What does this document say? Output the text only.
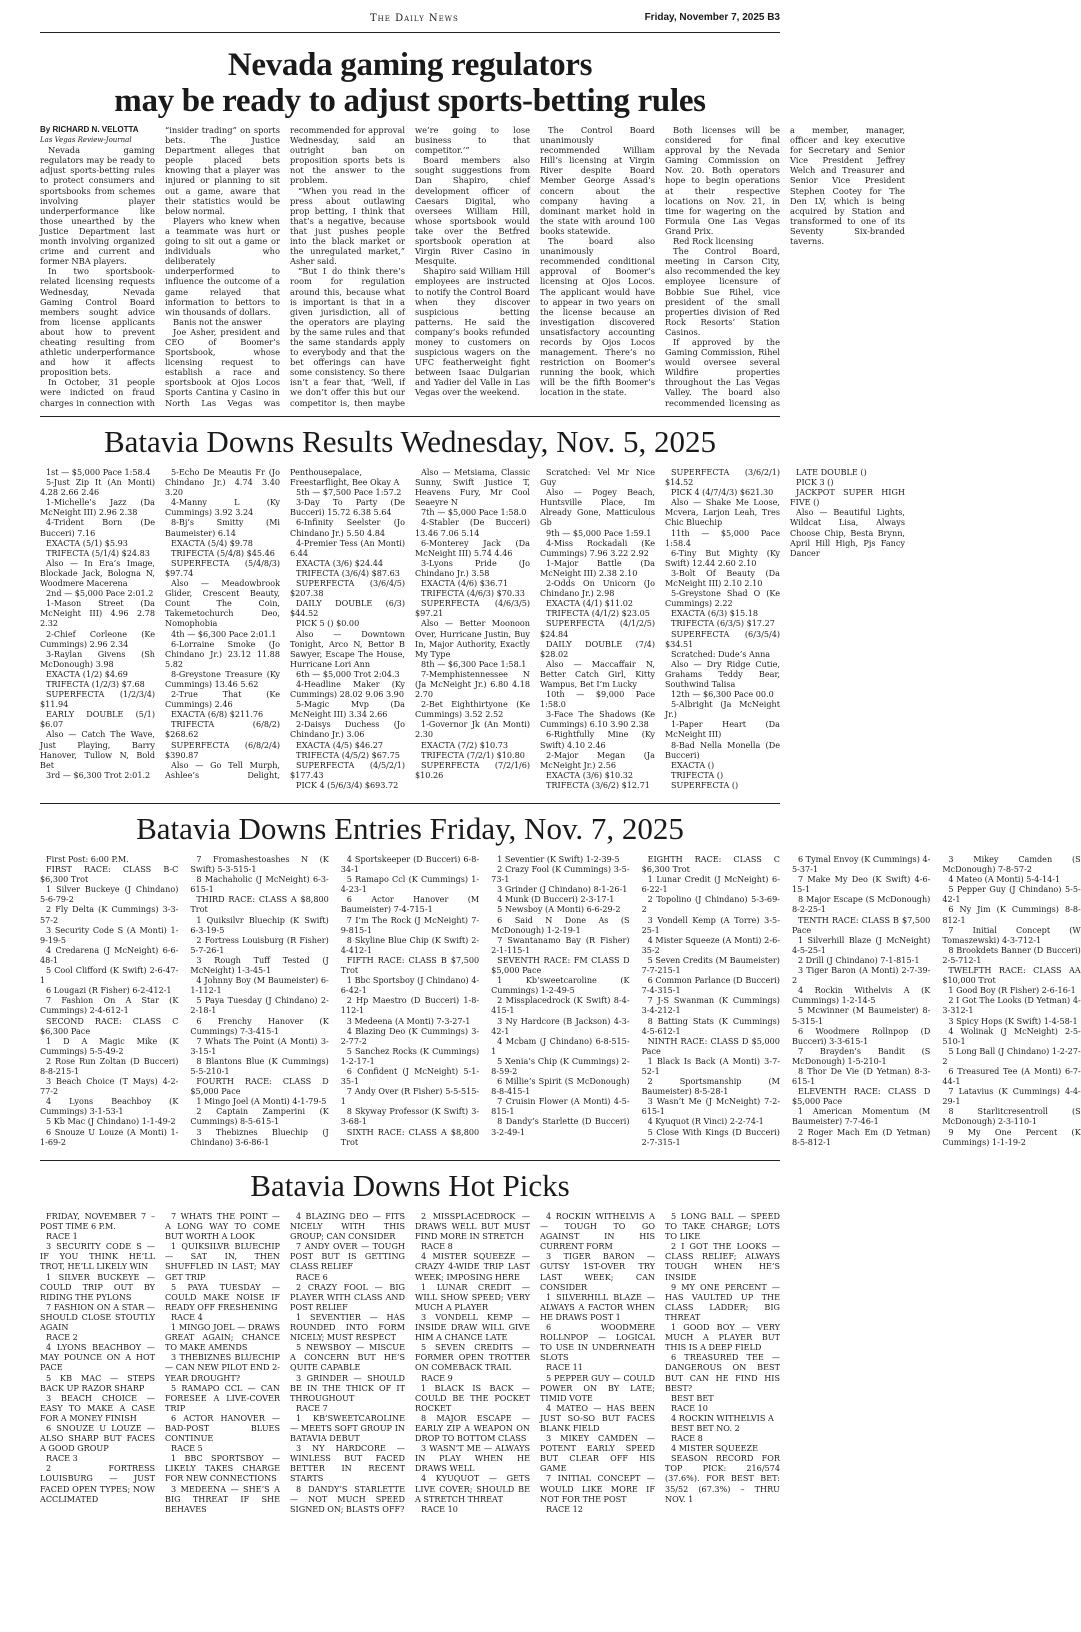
The Daily News	Friday, November 7, 2025 B3
Nevada gaming regulators
may be ready to adjust sports-betting rules

By RICHARD N. VELOTTA

Las Vegas Review-Journal

Nevada gaming regulators may be ready to adjust sports-betting rules to protect consumers and sportsbooks from schemes involving player underperformance like those unearthed by the Justice Department last month involving organized crime and current and former NBA players.

In two sportsbook-related licensing requests Wednesday, Nevada Gaming Control Board members sought advice from license applicants about how to prevent cheating resulting from athletic underperformance and how it affects proposition bets.

In October, 31 people were indicted on fraud charges in connection with “insider trading” on sports bets. The Justice Department alleges that people placed bets knowing that a player was injured or planning to sit out a game, aware that their statistics would be below normal.

Players who knew when a teammate was hurt or going to sit out a game or individuals who deliberately underperformed to influence the outcome of a game relayed that information to bettors to win thousands of dollars.

Banis not the answer

Joe Asher, president and CEO of Boomer’s Sportsbook, whose licensing request to establish a race and sportsbook at Ojos Locos Sports Cantina y Casino in North Las Vegas was recommended for approval Wednesday, said an outright ban on proposition sports bets is not the answer to the problem.

“When you read in the press about outlawing prop betting, I think that that’s a negative, because that just pushes people into the black market or the unregulated market,” Asher said.

“But I do think there’s room for regulation around this, because what is important is that in a given jurisdiction, all of the operators are playing by the same rules and that the same standards apply to everybody and that the bet offerings can have some consistency. So there isn’t a fear that, ‘Well, if we don’t offer this but our competitor is, then maybe we’re going to lose business to that competitor.’”

Board members also sought suggestions from Dan Shapiro, chief development officer of Caesars Digital, who oversees William Hill, whose sportsbook would take over the Betfred sportsbook operation at Virgin River Casino in Mesquite.

Shapiro said William Hill employees are instructed to notify the Control Board when they discover suspicious betting patterns. He said the company’s books refunded money to customers on suspicious wagers on the UFC featherweight fight between Isaac Dulgarian and Yadier del Valle in Las Vegas over the weekend.

The Control Board unanimously recommended William Hill’s licensing at Virgin River despite Board Member George Assad’s concern about the company having a dominant market hold in the state with around 100 books statewide.

The board also unanimously recommended conditional approval of Boomer’s licensing at Ojos Locos. The applicant would have to appear in two years on the license because an investigation discovered unsatisfactory accounting records by Ojos Locos management. There’s no restriction on Boomer’s running the book, which will be the fifth Boomer’s location in the state.

Both licenses will be considered for final approval by the Nevada Gaming Commission on Nov. 20. Both operators hope to begin operations at their respective locations on Nov. 21, in time for wagering on the Formula One Las Vegas Grand Prix.

Red Rock licensing

The Control Board, meeting in Carson City, also recommended the key employee licensure of Bobbie Sue Rihel, vice president of the small properties division of Red Rock Resorts’ Station Casinos.

If approved by the Gaming Commission, Rihel would oversee several Wildfire properties throughout the Las Vegas Valley. The board also recommended licensing as a member, manager, officer and key executive for Secretary and Senior Vice President Jeffrey Welch and Treasurer and Senior Vice President Stephen Cootey for The Den LV, which is being acquired by Station and transformed to one of its Seventy Six-branded taverns.

Batavia Downs Results Wednesday, Nov. 5, 2025

1st — $5,000 Pace 1:58.4

5-Just Zip It (An Monti) 4.28 2.66 2.46

1-Michelle’s Jazz (Da McNeight III) 2.96 2.38

4-Trident Born (De Bucceri) 7.16

EXACTA (5/1) $5.93

TRIFECTA (5/1/4) $24.83

Also — In Era’s Image, Blockade Jack, Bologna N, Woodmere Macerena

2nd — $5,000 Pace 2:01.2

1-Mason Street (Da McNeight III) 4.96 2.78 2.32

2-Chief Corleone (Ke Cummings) 2.96 2.34

3-Raylan Givens (Sh McDonough) 3.98

EXACTA (1/2) $4.69

TRIFECTA (1/2/3) $7.68

SUPERFECTA (1/2/3/4) $11.94

EARLY DOUBLE (5/1) $6.07

Also — Catch The Wave, Just Playing, Barry Hanover, Tullow N, Bold Bet

3rd — $6,300 Trot 2:01.2

5-Echo De Meautis Fr (Jo Chindano Jr.) 4.74 3.40 3.20

4-Manny L (Ky Cummings) 3.92 3.24

8-Bj’s Smitty (Mi Baumeister) 6.14

EXACTA (5/4) $9.78

TRIFECTA (5/4/8) $45.46

SUPERFECTA (5/4/8/3) $97.74

Also — Meadowbrook Glider, Crescent Beauty, Count The Coin, Takemetochurch Deo, Nomophobia

4th — $6,300 Pace 2:01.1

6-Lorraine Smoke (Jo Chindano Jr.) 23.12 11.88 5.82

8-Greystone Treasure (Ky Cummings) 13.46 5.62

2-True That (Ke Cummings) 2.46

EXACTA (6/8) $211.76

TRIFECTA (6/8/2) $268.62

SUPERFECTA (6/8/2/4) $390.87

Also — Go Tell Murph, Ashlee’s Delight, Penthousepalace, Freestarflight, Bee Okay A

5th — $7,500 Pace 1:57.2

3-Day To Party (De Bucceri) 15.72 6.38 5.64

6-Infinity Seelster (Jo Chindano Jr.) 5.50 4.84

4-Premier Tess (An Monti) 6.44

EXACTA (3/6) $24.44

TRIFECTA (3/6/4) $87.63

SUPERFECTA (3/6/4/5) $207.38

DAILY DOUBLE (6/3) $44.52

PICK 5 () $0.00

Also — Downtown Tonight, Arco N, Bettor B Sawyer, Escape The House, Hurricane Lori Ann

6th — $5,000 Trot 2:04.3

4-Headline Maker (Ky Cummings) 28.02 9.06 3.90

5-Magic Mvp (Da McNeight III) 3.34 2.66

2-Daisys Duchess (Jo Chindano Jr.) 3.06

EXACTA (4/5) $46.27

TRIFECTA (4/5/2) $67.75

SUPERFECTA (4/5/2/1) $177.43

PICK 4 (5/6/3/4) $693.72

Also — Metsiama, Classic Sunny, Swift Justice T, Heavens Fury, Mr Cool Seaeyre N

7th — $5,000 Pace 1:58.0

4-Stabler (De Bucceri) 13.46 7.06 5.14

6-Monterey Jack (Da McNeight III) 5.74 4.46

3-Lyons Pride (Jo Chindano Jr.) 3.58

EXACTA (4/6) $36.71

TRIFECTA (4/6/3) $70.33

SUPERFECTA (4/6/3/5) $97.21

Also — Better Moonoon Over, Hurricane Justin, Buy In, Major Authority, Exactly My Type

8th — $6,300 Pace 1:58.1

7-Memphistennessee N (Ja McNeight Jr.) 6.80 4.18 2.70

2-Bet Eighthirtyone (Ke Cummings) 3.52 2.52

1-Governor Jk (An Monti) 2.30

EXACTA (7/2) $10.73

TRIFECTA (7/2/1) $10.80

SUPERFECTA (7/2/1/6) $10.26

Scratched: Vel Mr Nice Guy

Also — Pogey Beach, Huntsville Place, Im Already Gone, Matticulous Gb

9th — $5,000 Pace 1:59.1

4-Miss Rockadali (Ke Cummings) 7.96 3.22 2.92

1-Major Battle (Da McNeight III) 2.38 2.10

2-Odds On Unicorn (Jo Chindano Jr.) 2.98

EXACTA (4/1) $11.02

TRIFECTA (4/1/2) $23.05

SUPERFECTA (4/1/2/5) $24.84

DAILY DOUBLE (7/4) $28.02

Also — Maccaffair N, Better Catch Girl, Kitty Wampus, Bet I’m Lucky

10th — $9,000 Pace 1:58.0

3-Face The Shadows (Ke Cummings) 6.10 3.90 2.38

6-Rightfully Mine (Ky Swift) 4.10 2.46

2-Major Megan (Ja McNeight Jr.) 2.56

EXACTA (3/6) $10.32

TRIFECTA (3/6/2) $12.71

SUPERFECTA (3/6/2/1) $14.52

PICK 4 (4/7/4/3) $621.30

Also — Shake Me Loose, Mcvera, Larjon Leah, Tres Chic Bluechip

11th — $5,000 Pace 1:58.4

6-Tiny But Mighty (Ky Swift) 12.44 2.60 2.10

3-Bolt Of Beauty (Da McNeight III) 2.10 2.10

5-Greystone Shad O (Ke Cummings) 2.22

EXACTA (6/3) $15.18

TRIFECTA (6/3/5) $17.27

SUPERFECTA (6/3/5/4) $34.51

Scratched: Dude’s Anna

Also — Dry Ridge Cutie, Grahams Teddy Bear, Southwind Talisa

12th — $6,300 Pace 00.0

5-Albright (Ja McNeight Jr.)

1-Paper Heart (Da McNeight III)

8-Bad Nella Monella (De Bucceri)

EXACTA ()

TRIFECTA ()

SUPERFECTA ()

LATE DOUBLE ()

PICK 3 ()

JACKPOT SUPER HIGH FIVE ()

Also — Beautiful Lights, Wildcat Lisa, Always Choose Chip, Besta Brynn, April Hill High, Pjs Fancy Dancer

Batavia Downs Entries Friday, Nov. 7, 2025

First Post: 6:00 P.M.

FIRST RACE: CLASS B-C $6,300 Trot

1 Silver Buckeye (J Chindano) 5-6-79-2

2 Fly Delta (K Cummings) 3-3-57-2

3 Security Code S (A Monti) 1-9-19-5

4 Credarena (J McNeight) 6-6-48-1

5 Cool Clifford (K Swift) 2-6-47-1

6 Lougazi (R Fisher) 6-2-412-1

7 Fashion On A Star (K Cummings) 2-4-612-1

SECOND RACE: CLASS C $6,300 Pace

1 D A Magic Mike (K Cummings) 5-5-49-2

2 Rose Run Zoltan (D Bucceri) 8-8-215-1

3 Beach Choice (T Mays) 4-2-77-2

4 Lyons Beachboy (K Cummings) 3-1-53-1

5 Kb Mac (J Chindano) 1-1-49-2

6 Snouze U Louze (A Monti) 1-1-69-2

7 Fromashestoashes N (K Swift) 5-3-515-1

8 Machaholic (J McNeight) 6-3-615-1

THIRD RACE: CLASS A $8,800 Trot

1 Quiksilvr Bluechip (K Swift) 6-3-19-5

2 Fortress Louisburg (R Fisher) 5-7-26-1

3 Rough Tuff Tested (J McNeight) 1-3-45-1

4 Johnny Boy (M Baumeister) 6-1-112-1

5 Paya Tuesday (J Chindano) 2-2-18-1

6 Frenchy Hanover (K Cummings) 7-3-415-1

7 Whats The Point (A Monti) 3-3-15-1

8 Blantons Blue (K Cummings) 5-5-210-1

FOURTH RACE: CLASS D $5,000 Pace

1 Mingo Joel (A Monti) 4-1-79-5

2 Captain Zamperini (K Cummings) 8-5-615-1

3 Thebiznes Bluechip (J Chindano) 3-6-86-1

4 Sportskeeper (D Bucceri) 6-8-34-1

5 Ramapo Ccl (K Cummings) 1-4-23-1

6 Actor Hanover (M Baumeister) 7-4-715-1

7 I’m The Rock (J McNeight) 7-9-815-1

8 Skyline Blue Chip (K Swift) 2-4-412-1

FIFTH RACE: CLASS B $7,500 Trot

1 Bbc Sportsboy (J Chindano) 4-6-42-1

2 Hp Maestro (D Bucceri) 1-8-112-1

3 Medeena (A Monti) 7-3-27-1

4 Blazing Deo (K Cummings) 3-2-77-2

5 Sanchez Rocks (K Cummings) 1-2-17-1

6 Confident (J McNeight) 5-1-35-1

7 Andy Over (R Fisher) 5-5-515-1

8 Skyway Professor (K Swift) 3-3-68-1

SIXTH RACE: CLASS A $8,800 Trot

1 Seventier (K Swift) 1-2-39-5

2 Crazy Fool (K Cummings) 3-5-73-1

3 Grinder (J Chindano) 8-1-26-1

4 Munk (D Bucceri) 2-3-17-1

5 Newsboy (A Monti) 6-6-29-2

6 Said N Done As (S McDonough) 1-2-19-1

7 Swantanamo Bay (R Fisher) 2-1-115-1

SEVENTH RACE: FM CLASS D $5,000 Pace

1 Kb’sweetcaroline (K Cummings) 1-2-49-5

2 Missplacedrock (K Swift) 8-4-415-1

3 Ny Hardcore (B Jackson) 4-3-42-1

4 Mcbam (J Chindano) 6-8-515-1

5 Xenia’s Chip (K Cummings) 2-8-59-2

6 Millie’s Spirit (S McDonough) 8-8-415-1

7 Cruisin Flower (A Monti) 4-5-815-1

8 Dandy’s Starlette (D Bucceri) 3-2-49-1

EIGHTH RACE: CLASS C $6,300 Trot

1 Lunar Credit (J McNeight) 6-6-22-1

2 Topolino (J Chindano) 5-3-69-2

3 Vondell Kemp (A Torre) 3-5-25-1

4 Mister Squeeze (A Monti) 2-6-35-2

5 Seven Credits (M Baumeister) 7-7-215-1

6 Common Parlance (D Bucceri) 7-4-315-1

7 J-S Swanman (K Cummings) 3-4-212-1

8 Batting Stats (K Cummings) 4-5-612-1

NINTH RACE: CLASS D $5,000 Pace

1 Black Is Back (A Monti) 3-7-52-1

2 Sportsmanship (M Baumeister) 8-5-28-1

3 Wasn’t Me (J McNeight) 7-2-615-1

4 Kyuquot (R Vinci) 2-2-74-1

5 Close With Kings (D Bucceri) 2-7-315-1

6 Tymal Envoy (K Cummings) 4-5-37-1

7 Make My Deo (K Swift) 4-6-15-1

8 Major Escape (S McDonough) 8-2-25-1

TENTH RACE: CLASS B $7,500 Pace

1 Silverhill Blaze (J McNeight) 4-5-25-1

2 Drill (J Chindano) 7-1-815-1

3 Tiger Baron (A Monti) 2-7-39-2

4 Rockin Withelvis A (K Cummings) 1-2-14-5

5 Mcwinner (M Baumeister) 8-5-315-1

6 Woodmere Rollnpop (D Bucceri) 3-3-615-1

7 Brayden’s Bandit (S McDonough) 1-5-210-1

8 Thor De Vie (D Yetman) 8-3-615-1

ELEVENTH RACE: CLASS D $5,000 Pace

1 American Momentum (M Baumeister) 7-7-46-1

2 Roger Mach Em (D Yetman) 8-5-812-1

3 Mikey Camden (S McDonough) 7-8-57-2

4 Mateo (A Monti) 5-4-14-1

5 Pepper Guy (J Chindano) 5-5-42-1

6 Ny Jim (K Cummings) 8-8-812-1

7 Initial Concept (W Tomaszewski) 4-3-712-1

8 Brookdets Banner (D Bucceri) 2-5-712-1

TWELFTH RACE: CLASS AA $10,000 Trot

1 Good Boy (R Fisher) 2-6-16-1

2 I Got The Looks (D Yetman) 4-3-312-1

3 Spicy Hops (K Swift) 1-4-58-1

4 Wolinak (J McNeight) 2-5-510-1

5 Long Ball (J Chindano) 1-2-27-2

6 Treasured Tee (A Monti) 6-7-44-1

7 Latavius (K Cummings) 4-4-29-1

8 Starlitcresentroll (S McDonough) 2-3-110-1

9 My One Percent (K Cummings) 1-1-19-2

Batavia Downs Hot Picks

FRIDAY, NOVEMBER 7 – POST TIME 6 P.M.

RACE 1

3 SECURITY CODE S — IF YOU THINK HE’LL TROT, HE’LL LIKELY WIN

1 SILVER BUCKEYE — COULD TRIP OUT BY RIDING THE PYLONS

7 FASHION ON A STAR — SHOULD CLOSE STOUTLY AGAIN

RACE 2

4 LYONS BEACHBOY — MAY POUNCE ON A HOT PACE

5 KB MAC — STEPS BACK UP RAZOR SHARP

3 BEACH CHOICE — EASY TO MAKE A CASE FOR A MONEY FINISH

6 SNOUZE U LOUZE — ALSO SHARP BUT FACES A GOOD GROUP

RACE 3

2 FORTRESS LOUISBURG — JUST FACED OPEN TYPES; NOW ACCLIMATED

7 WHATS THE POINT — A LONG WAY TO COME BUT WORTH A LOOK

1 QUIKSILVR BLUECHIP — SAT IN, THEN SHUFFLED IN LAST; MAY GET TRIP

5 PAYA TUESDAY — COULD MAKE NOISE IF READY OFF FRESHENING

RACE 4

1 MINGO JOEL — DRAWS GREAT AGAIN; CHANCE TO MAKE AMENDS

3 THEBIZNES BLUECHIP — CAN NEW PILOT END 2-YEAR DROUGHT?

5 RAMAPO CCL — CAN FORESEE A LIVE-COVER TRIP

6 ACTOR HANOVER — BAD-POST BLUES CONTINUE

RACE 5

1 BBC SPORTSBOY — LIKELY TAKES CHARGE FOR NEW CONNECTIONS

3 MEDEENA — SHE’S A BIG THREAT IF SHE BEHAVES

4 BLAZING DEO — FITS NICELY WITH THIS GROUP; CAN CONSIDER

7 ANDY OVER — TOUGH POST BUT IS GETTING CLASS RELIEF

RACE 6

2 CRAZY FOOL — BIG PLAYER WITH CLASS AND POST RELIEF

1 SEVENTIER — HAS ROUNDED INTO FORM NICELY; MUST RESPECT

5 NEWSBOY — MISCUE A CONCERN BUT HE’S QUITE CAPABLE

3 GRINDER — SHOULD BE IN THE THICK OF IT THROUGHOUT

RACE 7

1 KB’SWEETCAROLINE — MEETS SOFT GROUP IN BATAVIA DEBUT

3 NY HARDCORE — WINLESS BUT FACED BETTER IN RECENT STARTS

8 DANDY’S STARLETTE — NOT MUCH SPEED SIGNED ON; BLASTS OFF?

2 MISSPLACEDROCK — DRAWS WELL BUT MUST FIND MORE IN STRETCH

RACE 8

4 MISTER SQUEEZE — CRAZY 4-WIDE TRIP LAST WEEK; IMPOSING HERE

1 LUNAR CREDIT — WILL SHOW SPEED; VERY MUCH A PLAYER

3 VONDELL KEMP — INSIDE DRAW WILL GIVE HIM A CHANCE LATE

5 SEVEN CREDITS — FORMER OPEN TROTTER ON COMEBACK TRAIL

RACE 9

1 BLACK IS BACK — COULD BE THE POCKET ROCKET

8 MAJOR ESCAPE — EARLY ZIP A WEAPON ON DROP TO BOTTOM CLASS

3 WASN’T ME — ALWAYS IN PLAY WHEN HE DRAWS WELL

4 KYUQUOT — GETS LIVE COVER; SHOULD BE A STRETCH THREAT

RACE 10

4 ROCKIN WITHELVIS A — TOUGH TO GO AGAINST IN HIS CURRENT FORM

3 TIGER BARON — GUTSY 1ST-OVER TRY LAST WEEK; CAN CONSIDER

1 SILVERHILL BLAZE — ALWAYS A FACTOR WHEN HE DRAWS POST 1

6 WOODMERE ROLLNPOP — LOGICAL TO USE IN UNDERNEATH SLOTS

RACE 11

5 PEPPER GUY — COULD POWER ON BY LATE; TIMID VOTE

4 MATEO — HAS BEEN JUST SO-SO BUT FACES BLANK FIELD

3 MIKEY CAMDEN — POTENT EARLY SPEED BUT CLEAR OFF HIS GAME

7 INITIAL CONCEPT — WOULD LIKE MORE IF NOT FOR THE POST

RACE 12

5 LONG BALL — SPEED TO TAKE CHARGE; LOTS TO LIKE

2 I GOT THE LOOKS — CLASS RELIEF; ALWAYS TOUGH WHEN HE’S INSIDE

9 MY ONE PERCENT — HAS VAULTED UP THE CLASS LADDER; BIG THREAT

1 GOOD BOY — VERY MUCH A PLAYER BUT THIS IS A DEEP FIELD

6 TREASURED TEE — DANGEROUS ON BEST BUT CAN HE FIND HIS BEST?

BEST BET

RACE 10

4 ROCKIN WITHELVIS A

BEST BET NO. 2

RACE 8

4 MISTER SQUEEZE

SEASON RECORD FOR TOP PICK: 216/574 (37.6%). FOR BEST BET: 35/52 (67.3%) – THRU NOV. 1
